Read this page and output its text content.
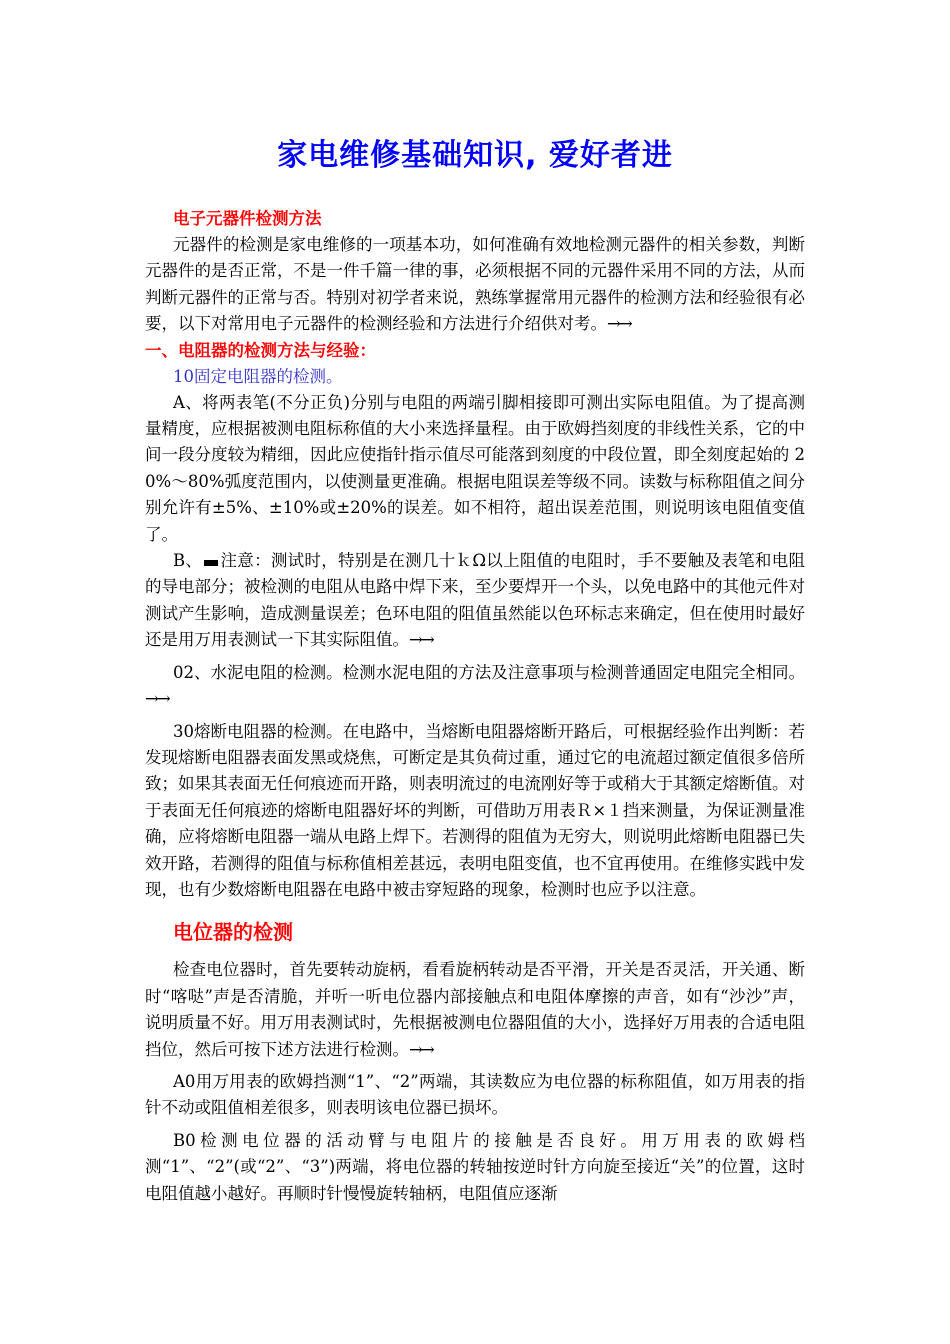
家电维修基础知识, 爱好者进
电子元器件检测方法

元器件的检测是家电维修的一项基本功，如何准确有效地检测元器件的相关参数，判断元器件的是否正常，不是一件千篇一律的事，必须根据不同的元器件采用不同的方法，从而判断元器件的正常与否。特别对初学者来说，熟练掌握常用元器件的检测方法和经验很有必要，以下对常用电子元器件的检测经验和方法进行介绍供对考。→→

一、电阻器的检测方法与经验：
10固定电阻器的检测。

A、将两表笔(不分正负)分别与电阻的两端引脚相接即可测出实际电阻值。为了提高测量精度，应根据被测电阻标称值的大小来选择量程。由于欧姆挡刻度的非线性关系，它的中间一段分度较为精细，因此应使指针指示值尽可能落到刻度的中段位置，即全刻度起始的 20%～80%弧度范围内，以使测量更准确。根据电阻误差等级不同。读数与标称阻值之间分别允许有±5%、±10%或±20%的误差。如不相符，超出误差范围，则说明该电阻值变值了。

B、 注意：测试时，特别是在测几十ｋΩ以上阻值的电阻时，手不要触及表笔和电阻的导电部分；被检测的电阻从电路中焊下来，至少要焊开一个头，以免电路中的其他元件对测试产生影响，造成测量误差；色环电阻的阻值虽然能以色环标志来确定，但在使用时最好还是用万用表测试一下其实际阻值。→→

02、水泥电阻的检测。检测水泥电阻的方法及注意事项与检测普通固定电阻完全相同。→→

30熔断电阻器的检测。在电路中，当熔断电阻器熔断开路后，可根据经验作出判断：若发现熔断电阻器表面发黑或烧焦，可断定是其负荷过重，通过它的电流超过额定值很多倍所致；如果其表面无任何痕迹而开路，则表明流过的电流刚好等于或稍大于其额定熔断值。对于表面无任何痕迹的熔断电阻器好坏的判断，可借助万用表Ｒ×１挡来测量，为保证测量准确，应将熔断电阻器一端从电路上焊下。若测得的阻值为无穷大，则说明此熔断电阻器已失效开路，若测得的阻值与标称值相差甚远，表明电阻变值，也不宜再使用。在维修实践中发现，也有少数熔断电阻器在电路中被击穿短路的现象，检测时也应予以注意。

电位器的检测

检查电位器时，首先要转动旋柄，看看旋柄转动是否平滑，开关是否灵活，开关通、断时“喀哒”声是否清脆，并听一听电位器内部接触点和电阻体摩擦的声音，如有“沙沙”声，说明质量不好。用万用表测试时，先根据被测电位器阻值的大小，选择好万用表的合适电阻挡位，然后可按下述方法进行检测。→→

A0用万用表的欧姆挡测“1”、“2”两端，其读数应为电位器的标称阻值，如万用表的指针不动或阻值相差很多，则表明该电位器已损坏。

B0检测电位器的活动臂与电阻片的接触是否良好。用万用表的欧姆档测“1”、“2”(或“2”、“3”)两端，将电位器的转轴按逆时针方向旋至接近“关”的位置，这时电阻值越小越好。再顺时针慢慢旋转轴柄，电阻值应逐渐
